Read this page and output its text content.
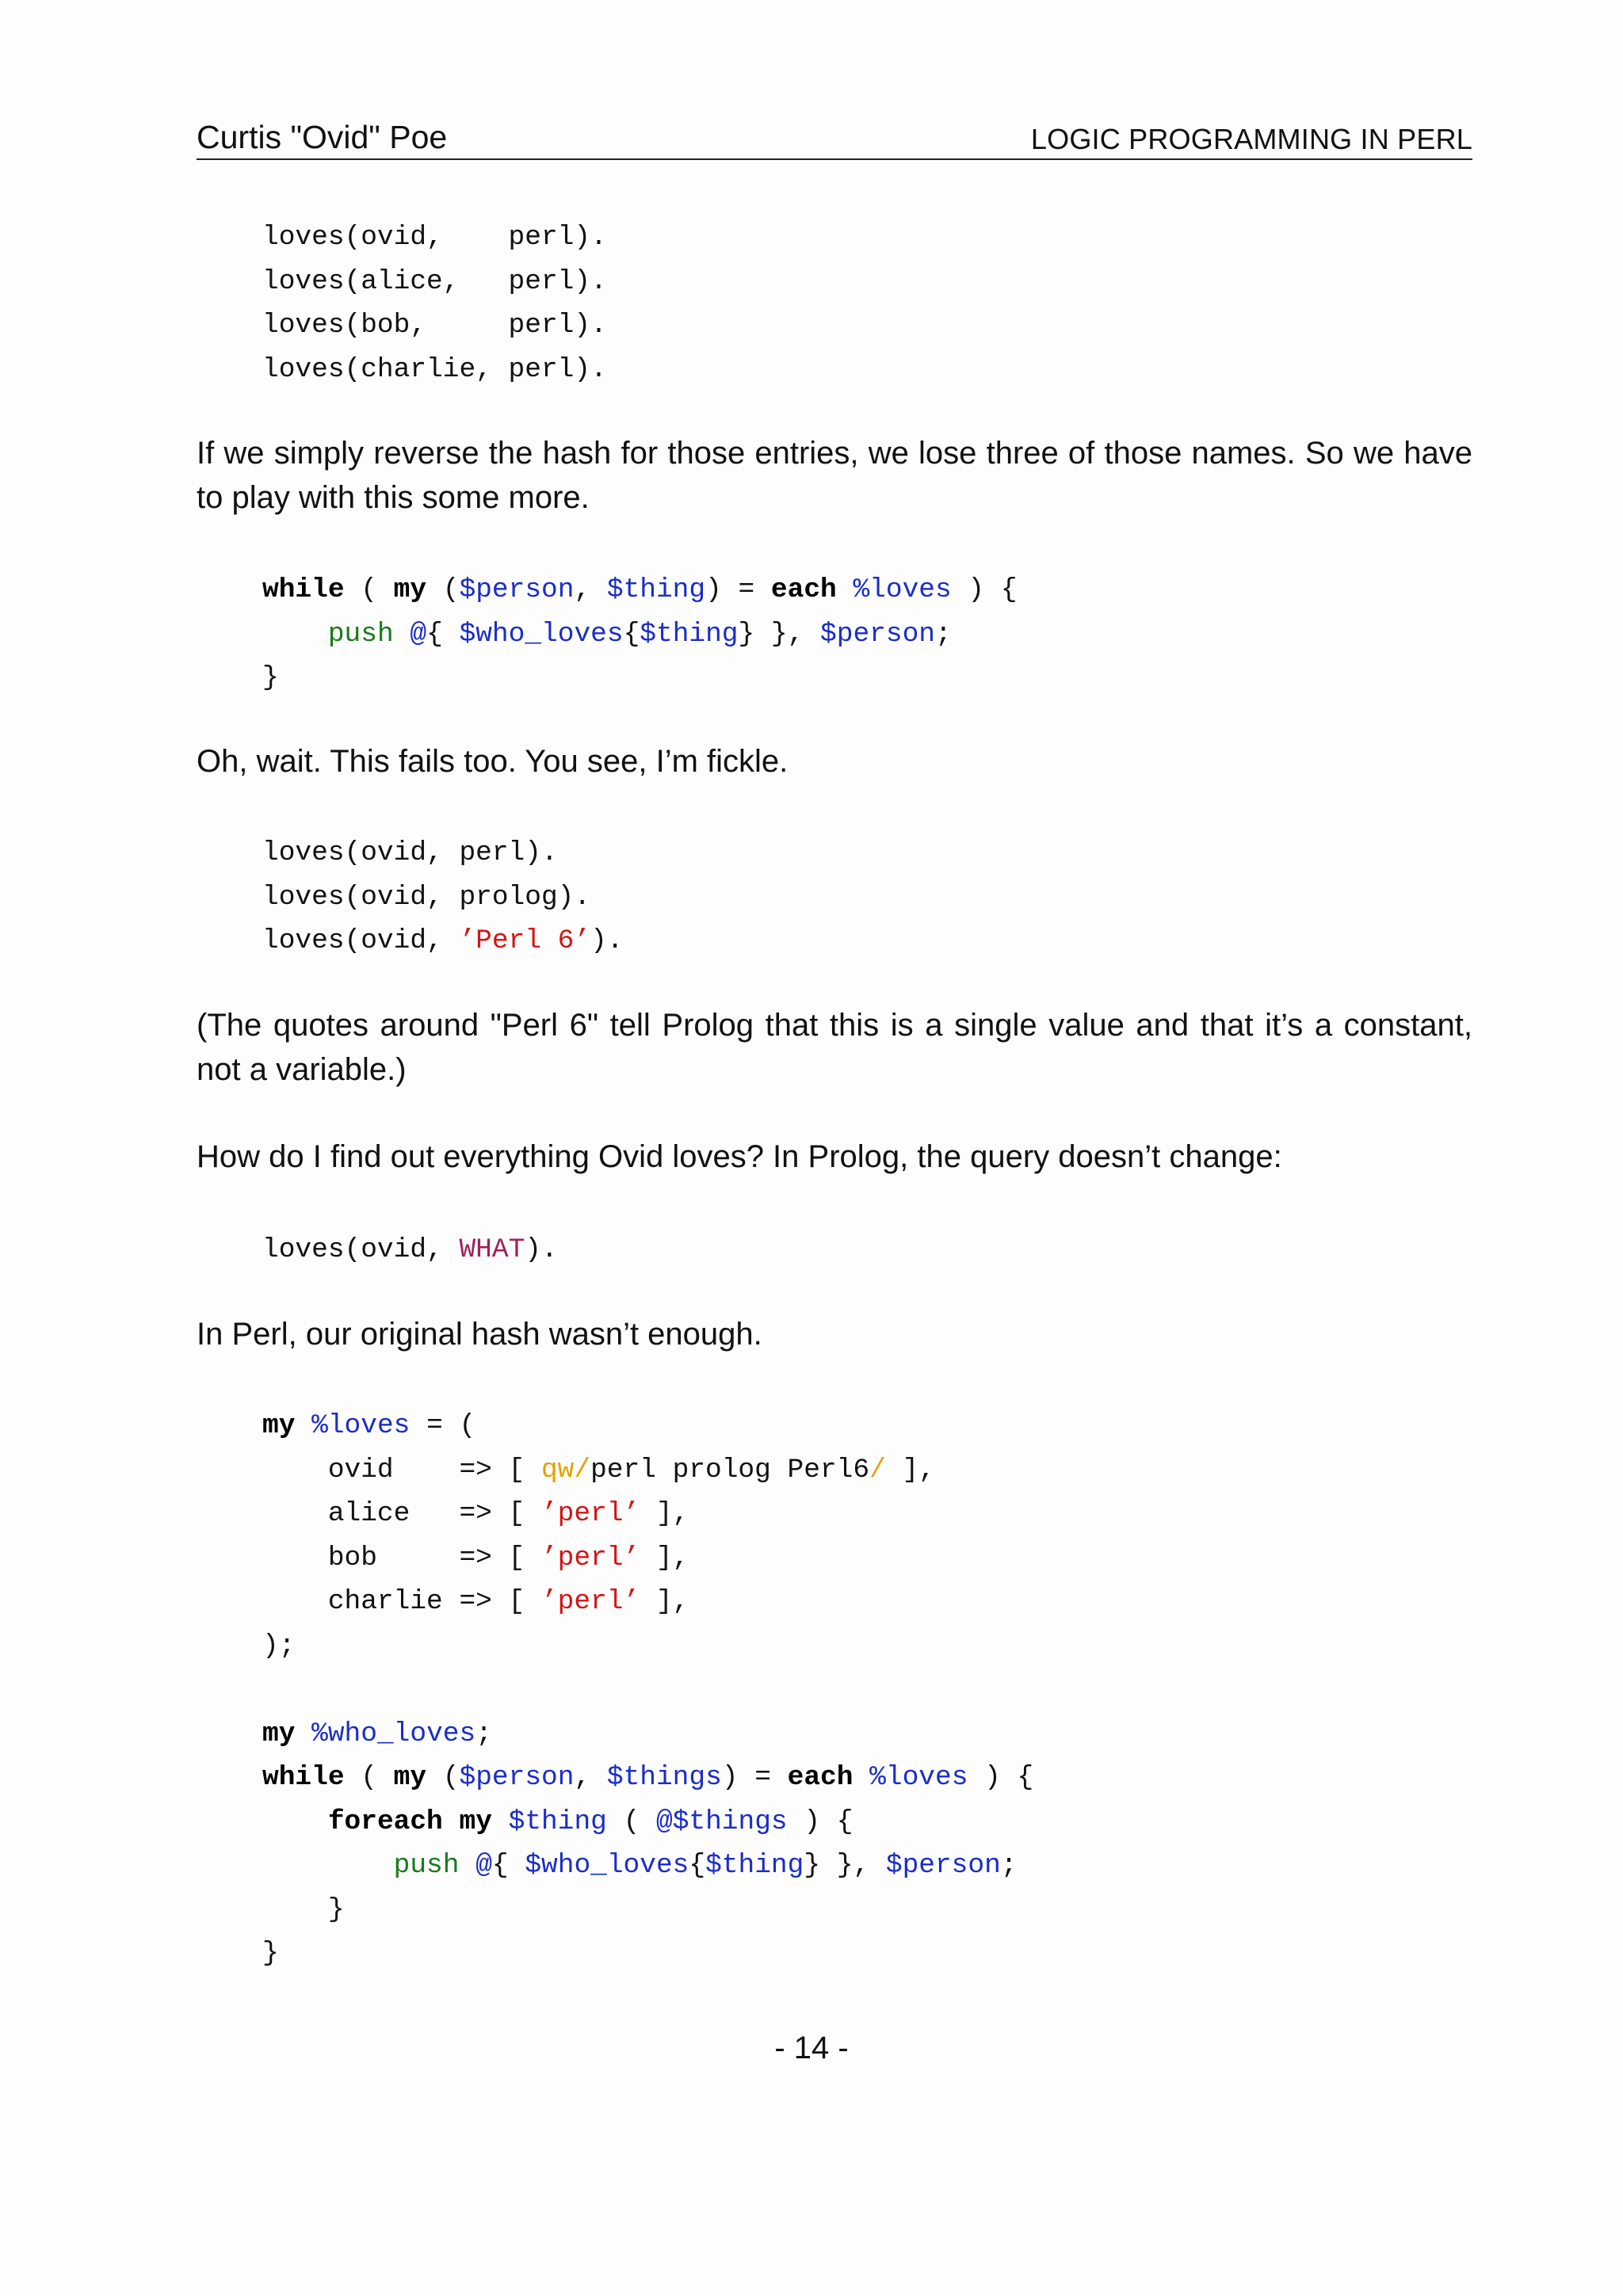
Curtis "Ovid" Poe	LOGIC PROGRAMMING IN PERL
loves(ovid,    perl).
loves(alice,   perl).
loves(bob,     perl).
loves(charlie, perl).

If we simply reverse the hash for those entries, we lose three of those names. So we have to play with this some more.

while ( my ($person, $thing) = each %loves ) {
push @{ $who_loves{$thing} }, $person;
}

Oh, wait. This fails too. You see, I’m fickle.

loves(ovid, perl).
loves(ovid, prolog).
loves(ovid, ’Perl 6’).

(The quotes around "Perl 6" tell Prolog that this is a single value and that it’s a constant, not a variable.)

How do I find out everything Ovid loves? In Prolog, the query doesn’t change:

loves(ovid, WHAT).

In Perl, our original hash wasn’t enough.

my %loves = (
ovid    => [ qw/perl prolog Perl6/ ],
alice   => [ ’perl’ ],
bob     => [ ’perl’ ],
charlie => [ ’perl’ ],
);

my %who_loves;
while ( my ($person, $things) = each %loves ) {
foreach my $thing ( @$things ) {
push @{ $who_loves{$thing} }, $person;
}
}
- 14 -
